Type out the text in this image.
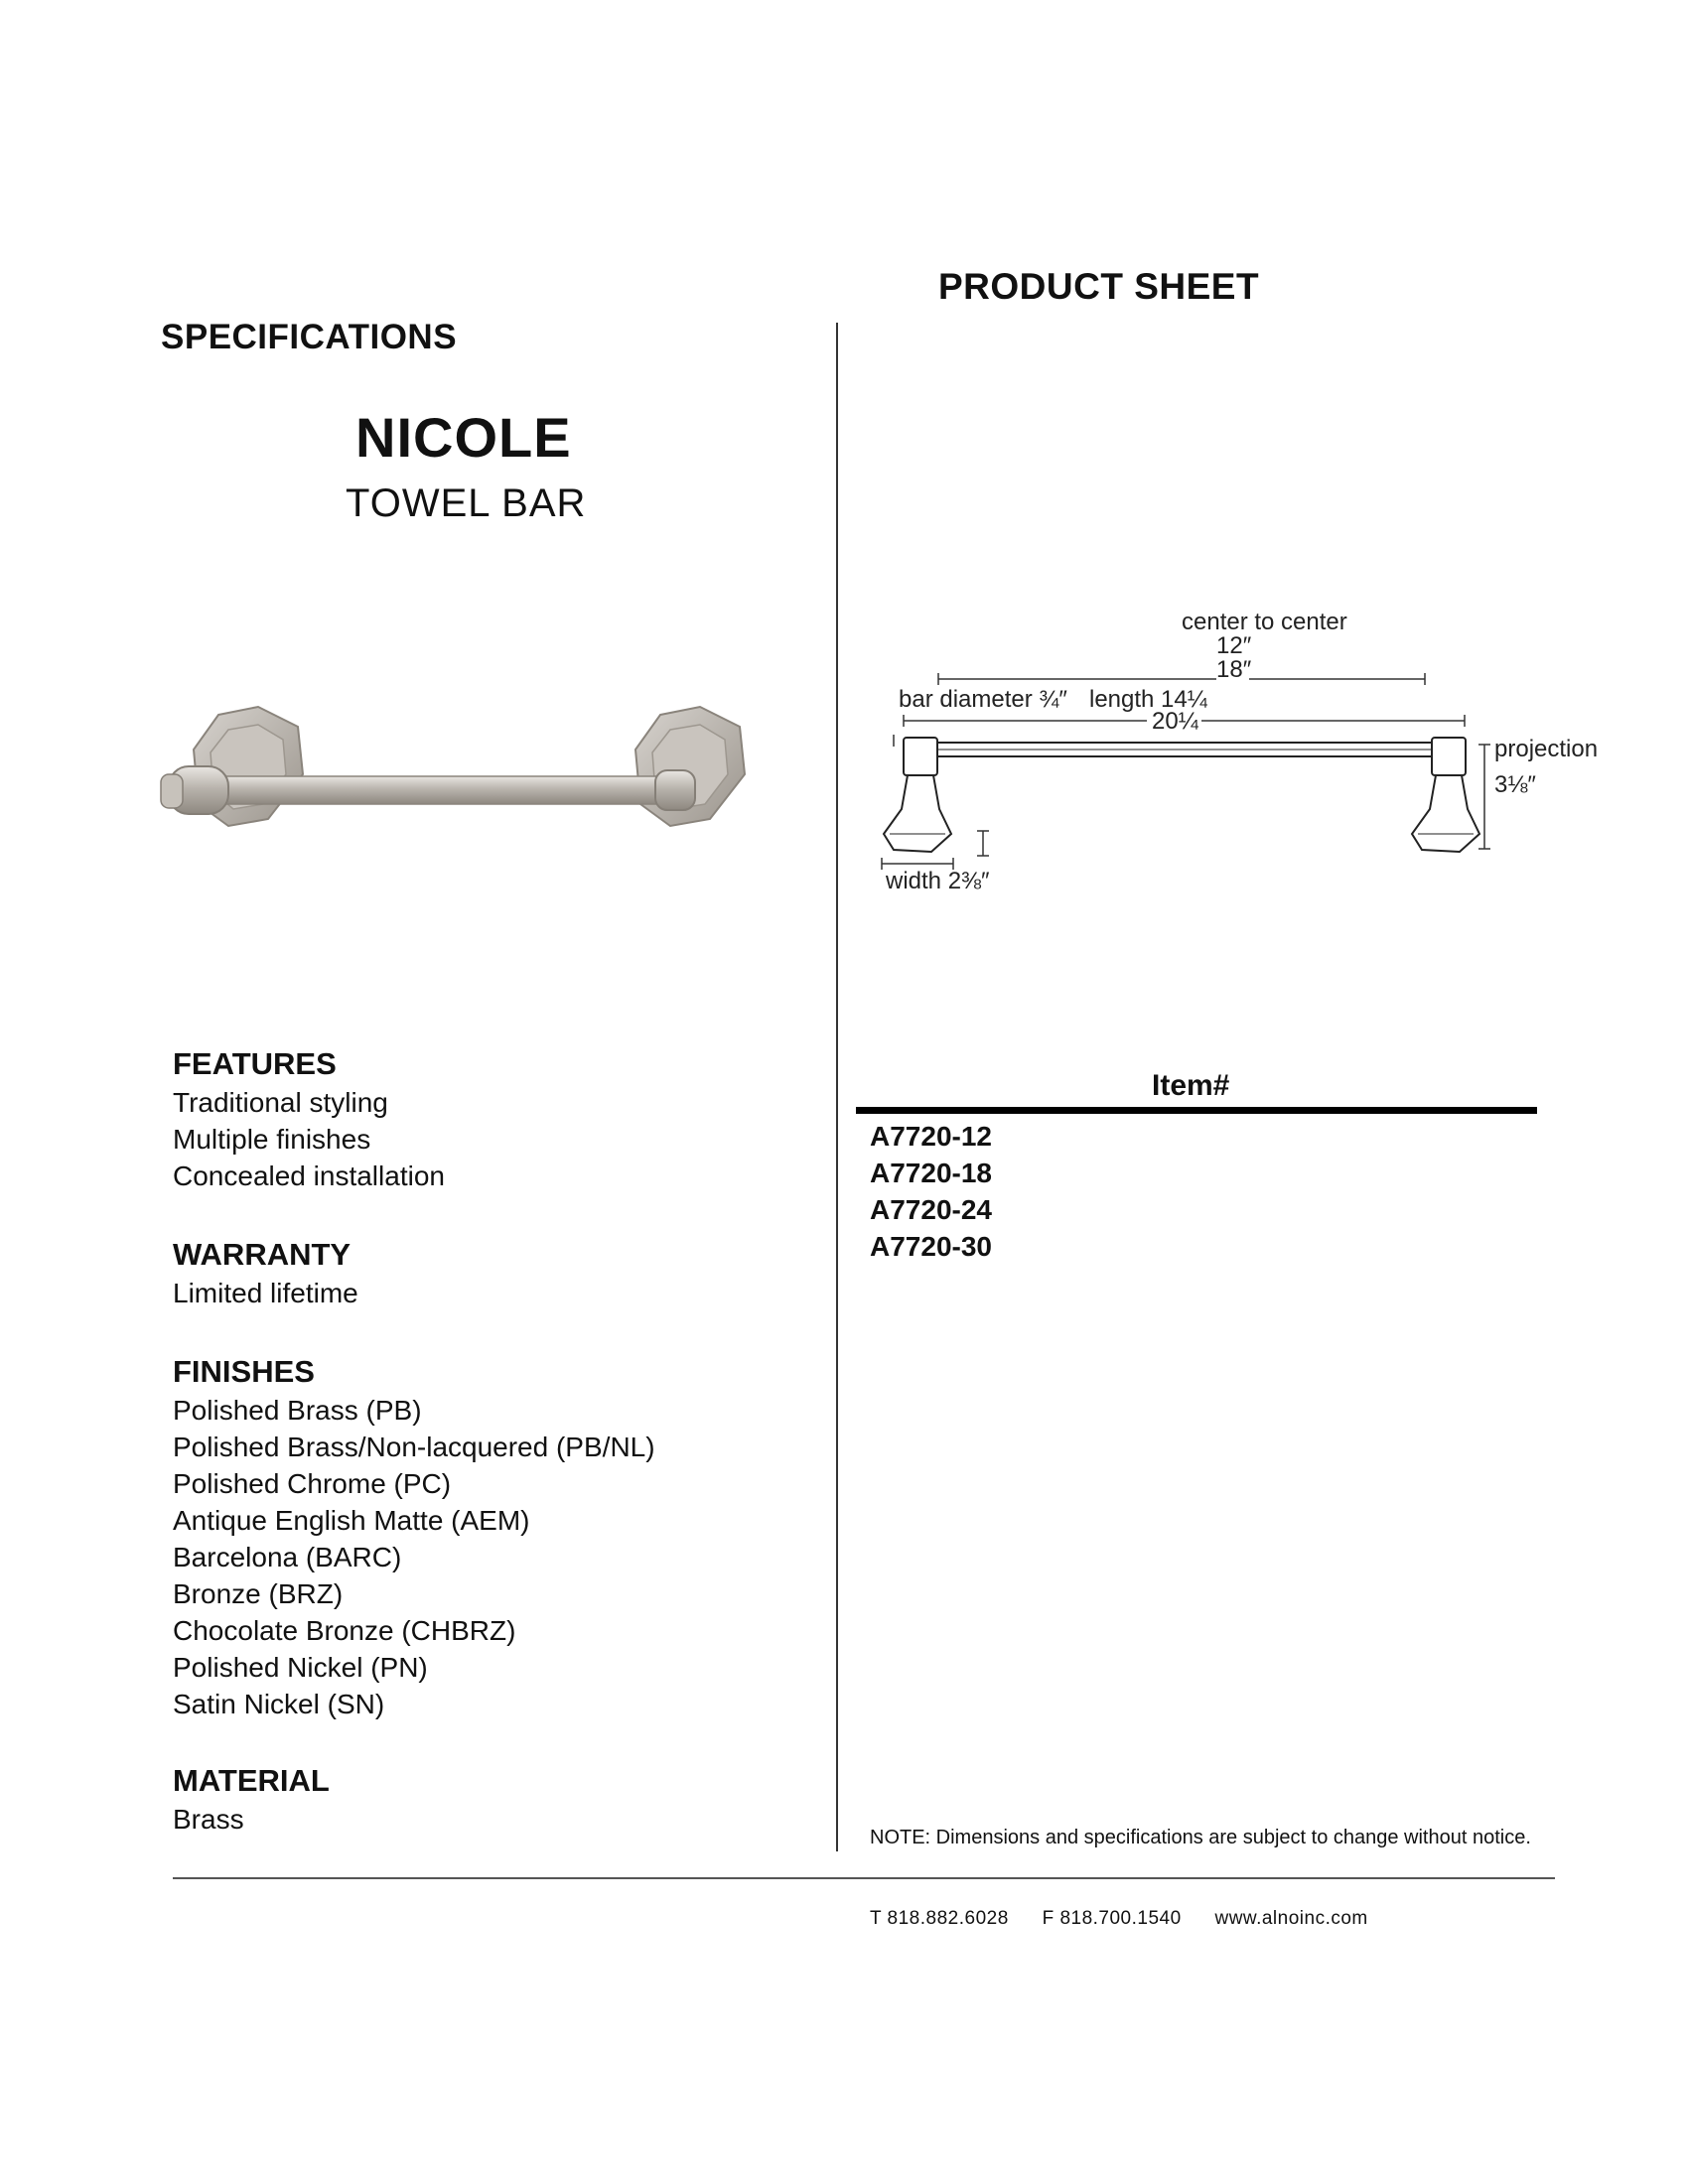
PRODUCT SHEET
SPECIFICATIONS
NICOLE
TOWEL BAR
center to center
12″
18″
bar diameter ¾″ length 14¼
20¼
projection
3⅛″
width 2⅜″
FEATURES
Traditional styling
Multiple finishes
Concealed installation
WARRANTY
Limited lifetime
FINISHES
Polished Brass (PB)
Polished Brass/Non-lacquered (PB/NL)
Polished Chrome (PC)
Antique English Matte (AEM)
Barcelona (BARC)
Bronze (BRZ)
Chocolate Bronze (CHBRZ)
Polished Nickel (PN)
Satin Nickel (SN)
MATERIAL
Brass
Item#
A7720-12
A7720-18
A7720-24
A7720-30
NOTE: Dimensions and specifications are subject to change without notice.
T 818.882.6028 F 818.700.1540 www.alnoinc.com
